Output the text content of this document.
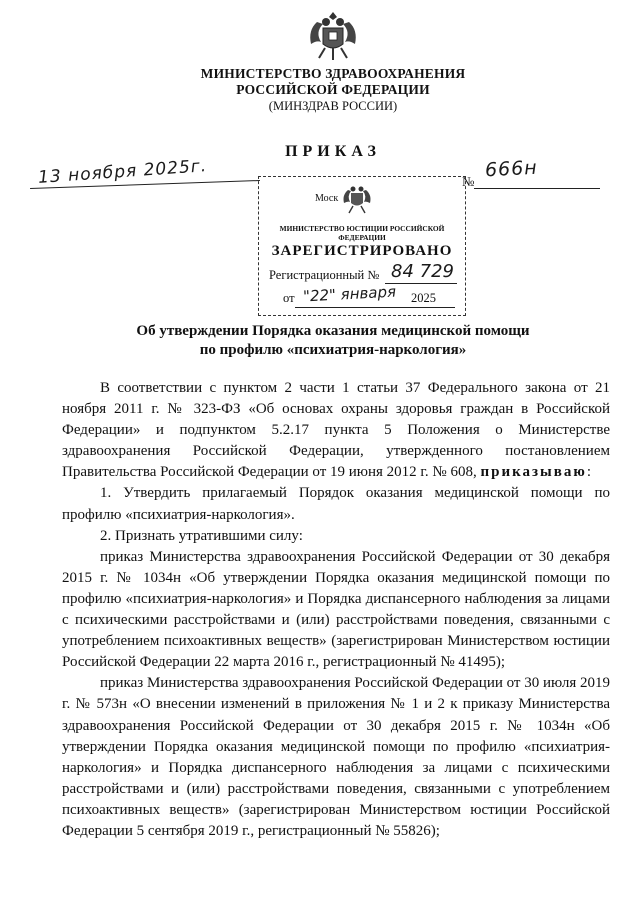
МИНИСТЕРСТВО ЗДРАВООХРАНЕНИЯ
РОССИЙСКОЙ ФЕДЕРАЦИИ
(МИНЗДРАВ РОССИИ)
ПРИКАЗ
13 ноября 2025г.	№
666н
Моск
МИНИСТЕРСТВО ЮСТИЦИИ РОССИЙСКОЙ ФЕДЕРАЦИИ
ЗАРЕГИСТРИРОВАНО
Регистрационный № 84 729
от "22" января 2025
Об утверждении Порядка оказания медицинской помощи
по профилю «психиатрия-наркология»

В соответствии с пунктом 2 части 1 статьи 37 Федерального закона от 21 ноября 2011 г. № 323-ФЗ «Об основах охраны здоровья граждан в Российской Федерации» и подпунктом 5.2.17 пункта 5 Положения о Министерстве здравоохранения Российской Федерации, утвержденного постановлением Правительства Российской Федерации от 19 июня 2012 г. № 608, приказываю:

1. Утвердить прилагаемый Порядок оказания медицинской помощи по профилю «психиатрия-наркология».

2. Признать утратившими силу:

приказ Министерства здравоохранения Российской Федерации от 30 декабря 2015 г. № 1034н «Об утверждении Порядка оказания медицинской помощи по профилю «психиатрия-наркология» и Порядка диспансерного наблюдения за лицами с психическими расстройствами и (или) расстройствами поведения, связанными с употреблением психоактивных веществ» (зарегистрирован Министерством юстиции Российской Федерации 22 марта 2016 г., регистрационный № 41495);

приказ Министерства здравоохранения Российской Федерации от 30 июля 2019 г. № 573н «О внесении изменений в приложения № 1 и 2 к приказу Министерства здравоохранения Российской Федерации от 30 декабря 2015 г. № 1034н «Об утверждении Порядка оказания медицинской помощи по профилю «психиатрия-наркология» и Порядка диспансерного наблюдения за лицами с психическими расстройствами и (или) расстройствами поведения, связанными с употреблением психоактивных веществ» (зарегистрирован Министерством юстиции Российской Федерации 5 сентября 2019 г., регистрационный № 55826);
